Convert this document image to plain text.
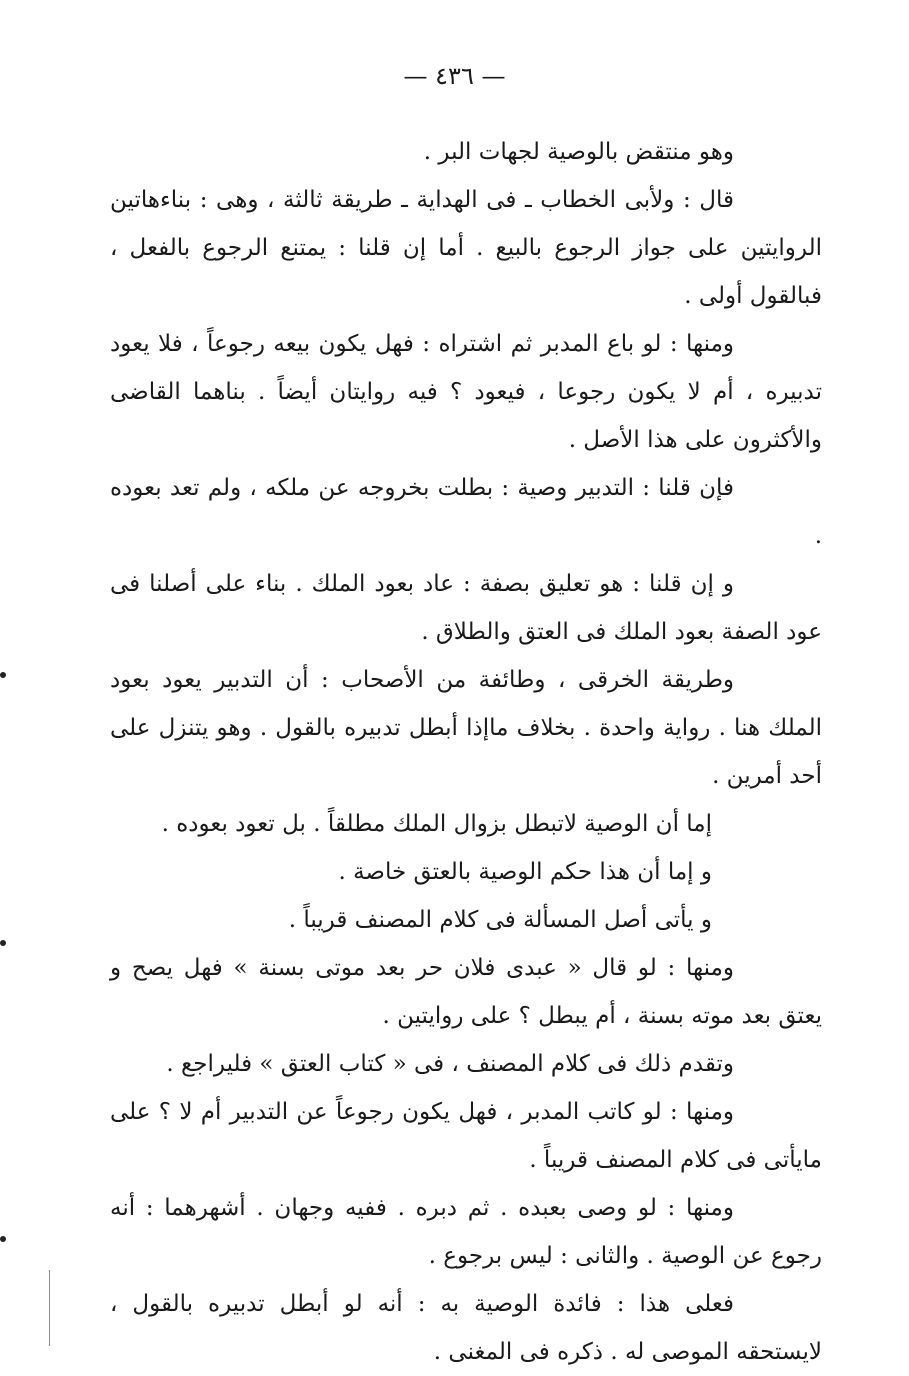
— ٤٣٦ —

وهو منتقض بالوصية لجهات البر .

قال : ولأبى الخطاب ـ فى الهداية ـ طريقة ثالثة ، وهى : بناءهاتين الروايتين على جواز الرجوع بالبيع . أما إن قلنا : يمتنع الرجوع بالفعل ، فبالقول أولى .

ومنها : لو باع المدبر ثم اشتراه : فهل يكون بيعه رجوعاً ، فلا يعود تدبيره ، أم لا يكون رجوعا ، فيعود ؟ فيه روايتان أيضاً . بناهما القاضى والأكثرون على هذا الأصل .

فإن قلنا : التدبير وصية : بطلت بخروجه عن ملكه ، ولم تعد بعوده .

و إن قلنا : هو تعليق بصفة : عاد بعود الملك . بناء على أصلنا فى عود الصفة بعود الملك فى العتق والطلاق .

وطريقة الخرقى ، وطائفة من الأصحاب : أن التدبير يعود بعود الملك هنا . رواية واحدة . بخلاف ماإذا أبطل تدبيره بالقول . وهو يتنزل على أحد أمرين .

إما أن الوصية لاتبطل بزوال الملك مطلقاً . بل تعود بعوده .

و إما أن هذا حكم الوصية بالعتق خاصة .

و يأتى أصل المسألة فى كلام المصنف قريباً .

ومنها : لو قال « عبدى فلان حر بعد موتى بسنة » فهل يصح و يعتق بعد موته بسنة ، أم يبطل ؟ على روايتين .

وتقدم ذلك فى كلام المصنف ، فى « كتاب العتق » فليراجع .

ومنها : لو كاتب المدبر ، فهل يكون رجوعاً عن التدبير أم لا ؟ على مايأتى فى كلام المصنف قريباً .

ومنها : لو وصى بعبده . ثم دبره . ففيه وجهان . أشهرهما : أنه رجوع عن الوصية . والثانى : ليس برجوع .

فعلى هذا : فائدة الوصية به : أنه لو أبطل تدبيره بالقول ، لايستحقه الموصى له . ذكره فى المغنى .
